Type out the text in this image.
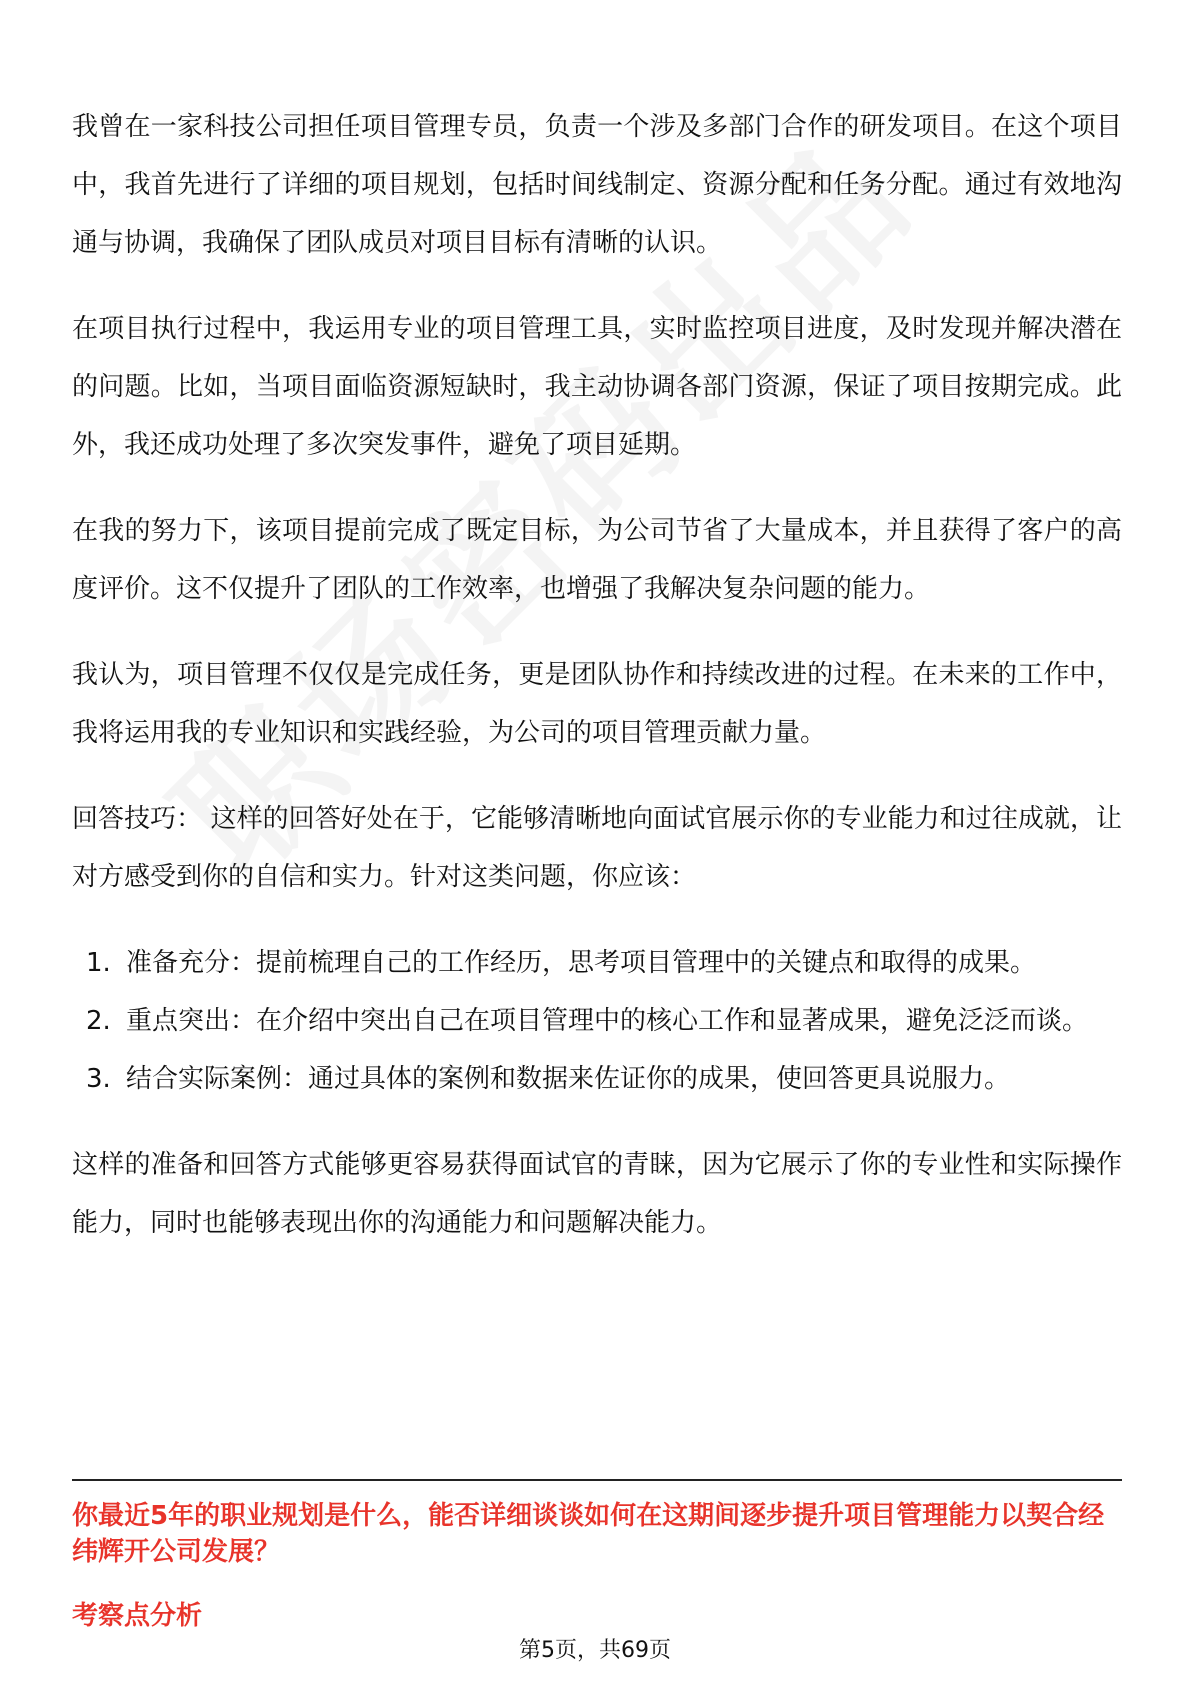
我曾在一家科技公司担任项目管理专员，负责一个涉及多部门合作的研发项目。在这个项目中，我首先进行了详细的项目规划，包括时间线制定、资源分配和任务分配。通过有效地沟通与协调，我确保了团队成员对项目目标有清晰的认识。

在项目执行过程中，我运用专业的项目管理工具，实时监控项目进度，及时发现并解决潜在的问题。比如，当项目面临资源短缺时，我主动协调各部门资源，保证了项目按期完成。此外，我还成功处理了多次突发事件，避免了项目延期。

在我的努力下，该项目提前完成了既定目标，为公司节省了大量成本，并且获得了客户的高度评价。这不仅提升了团队的工作效率，也增强了我解决复杂问题的能力。

我认为，项目管理不仅仅是完成任务，更是团队协作和持续改进的过程。在未来的工作中，我将运用我的专业知识和实践经验，为公司的项目管理贡献力量。

回答技巧： 这样的回答好处在于，它能够清晰地向面试官展示你的专业能力和过往成就，让对方感受到你的自信和实力。针对这类问题，你应该：

1. 准备充分：提前梳理自己的工作经历，思考项目管理中的关键点和取得的成果。
2. 重点突出：在介绍中突出自己在项目管理中的核心工作和显著成果，避免泛泛而谈。
3. 结合实际案例：通过具体的案例和数据来佐证你的成果，使回答更具说服力。

这样的准备和回答方式能够更容易获得面试官的青睐，因为它展示了你的专业性和实际操作能力，同时也能够表现出你的沟通能力和问题解决能力。

你最近5年的职业规划是什么，能否详细谈谈如何在这期间逐步提升项目管理能力以契合经纬辉开公司发展？
考察点分析
第5页，共69页
